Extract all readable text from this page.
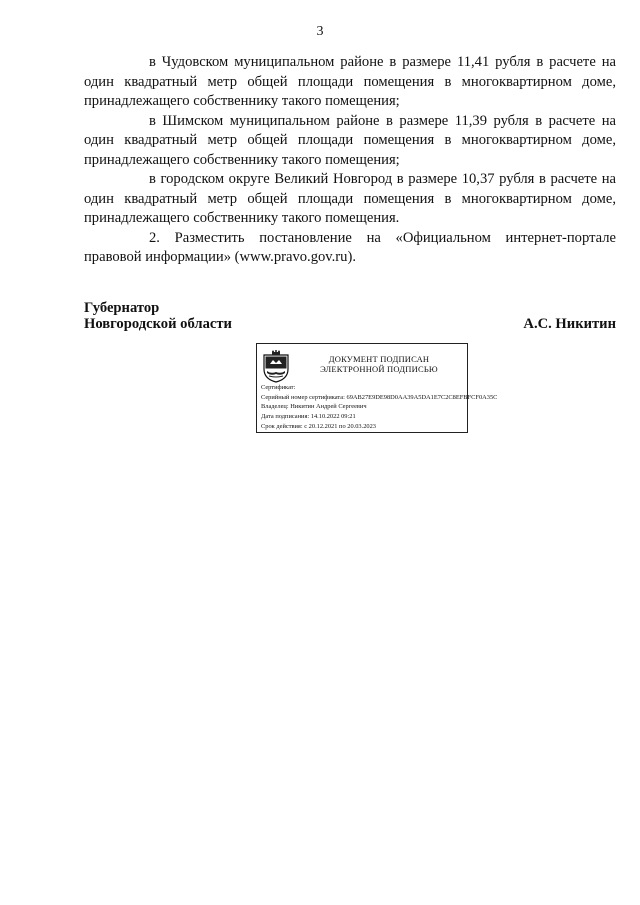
3

в Чудовском муниципальном районе в размере 11,41 рубля в расчете на один квадратный метр общей площади помещения в многоквартирном доме, принадлежащего собственнику такого помещения;

в Шимском муниципальном районе в размере 11,39 рубля в расчете на один квадратный метр общей площади помещения в многоквартирном доме, принадлежащего собственнику такого помещения;

в городском округе Великий Новгород в размере 10,37 рубля в расчете на один квадратный метр общей площади помещения в многоквартирном доме, принадлежащего собственнику такого помещения.

2. Разместить постановление на «Официальном интернет-портале правовой информации» (www.pravo.gov.ru).

Губернатор
Новгородской области	А.С. Никитин
ДОКУМЕНТ ПОДПИСАН
ЭЛЕКТРОННОЙ ПОДПИСЬЮ
Сертификат:
Серийный номер сертификата: 69AB27E9DE98D0AA39A5DA1E7C2C8EFBFCF0A35C
Владелец: Никитин Андрей Сергеевич
Дата подписания: 14.10.2022 09:21
Срок действия: с 20.12.2021 по 20.03.2023
